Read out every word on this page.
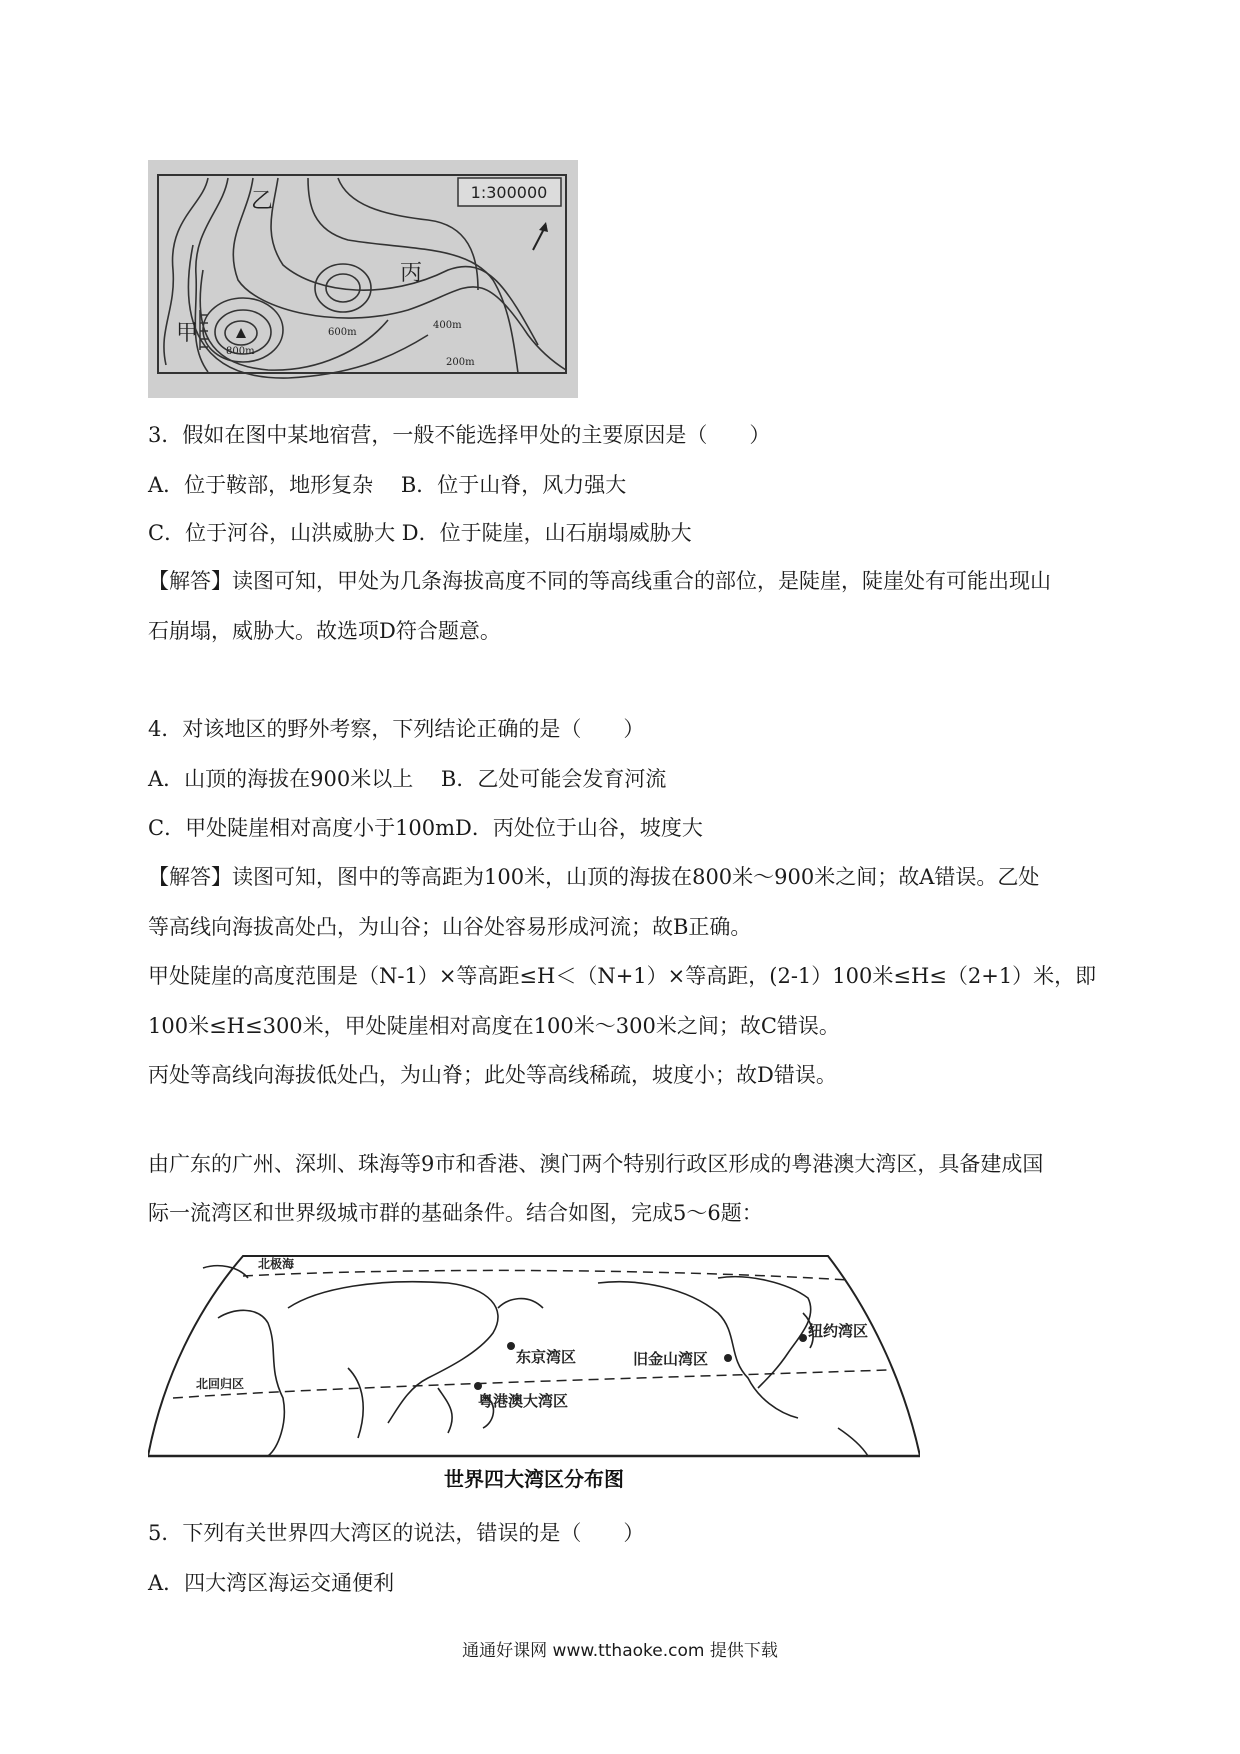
1:300000
乙
丙
甲
800m
600m
400m
200m
3．假如在图中某地宿营，一般不能选择甲处的主要原因是（　　）
A．位于鞍部，地形复杂　 B．位于山脊，风力强大
C．位于河谷，山洪威胁大 D．位于陡崖，山石崩塌威胁大
【解答】读图可知，甲处为几条海拔高度不同的等高线重合的部位，是陡崖，陡崖处有可能出现山
石崩塌，威胁大。故选项D符合题意。
4．对该地区的野外考察，下列结论正确的是（　　）
A．山顶的海拔在900米以上　 B．乙处可能会发育河流
C．甲处陡崖相对高度小于100mD．丙处位于山谷，坡度大
【解答】读图可知，图中的等高距为100米，山顶的海拔在800米～900米之间；故A错误。乙处
等高线向海拔高处凸，为山谷；山谷处容易形成河流；故B正确。
甲处陡崖的高度范围是（N-1）×等高距≤H＜（N+1）×等高距，(2-1）100米≤H≤（2+1）米，即
100米≤H≤300米，甲处陡崖相对高度在100米～300米之间；故C错误。
丙处等高线向海拔低处凸，为山脊；此处等高线稀疏，坡度小；故D错误。
由广东的广州、深圳、珠海等9市和香港、澳门两个特别行政区形成的粤港澳大湾区，具备建成国
际一流湾区和世界级城市群的基础条件。结合如图，完成5～6题：
北极海
东京湾区	旧金山湾区
纽约湾区
粤港澳大湾区
北回归区
世界四大湾区分布图
5．下列有关世界四大湾区的说法，错误的是（　　）
A．四大湾区海运交通便利
通通好课网 www.tthaoke.com 提供下载
